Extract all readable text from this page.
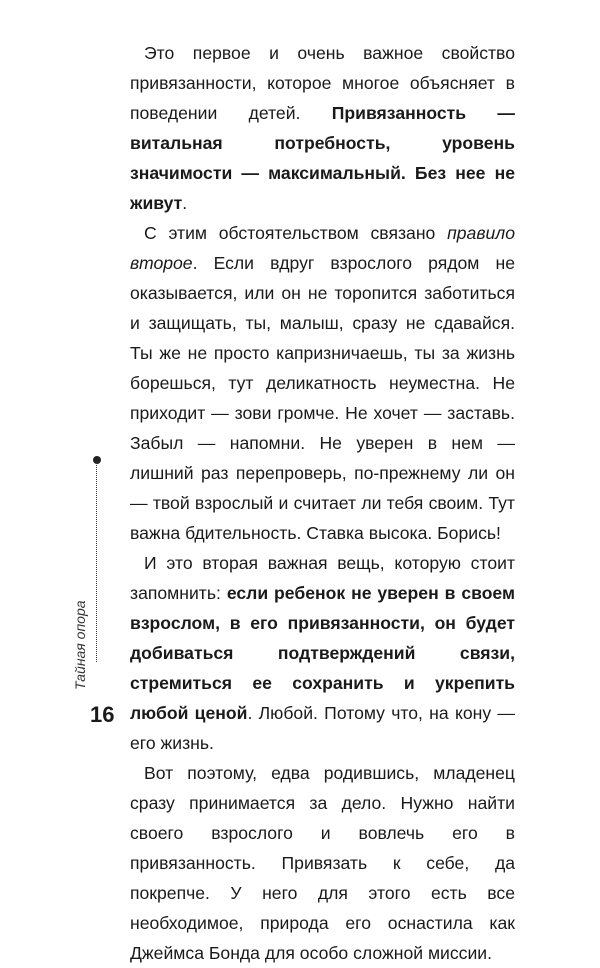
Это первое и очень важное свойство привязанности, которое многое объясняет в поведении детей. Привязанность — витальная потребность, уровень значимости — максимальный. Без нее не живут.

С этим обстоятельством связано правило второе. Если вдруг взрослого рядом не оказывается, или он не торопится заботиться и защищать, ты, малыш, сразу не сдавайся. Ты же не просто капризничаешь, ты за жизнь борешься, тут деликатность неуместна. Не приходит — зови громче. Не хочет — заставь. Забыл — напомни. Не уверен в нем — лишний раз перепроверь, по-прежнему ли он — твой взрослый и считает ли тебя своим. Тут важна бдительность. Ставка высока. Борись!

И это вторая важная вещь, которую стоит запомнить: если ребенок не уверен в своем взрослом, в его привязанности, он будет добиваться подтверждений связи, стремиться ее сохранить и укрепить любой ценой. Любой. Потому что, на кону — его жизнь.

Вот поэтому, едва родившись, младенец сразу принимается за дело. Нужно найти своего взрослого и вовлечь его в привязанность. Привязать к себе, да покрепче. У него для этого есть все необходимое, природа его оснастила как Джеймса Бонда для особо сложной миссии.

Тайная опора
16
